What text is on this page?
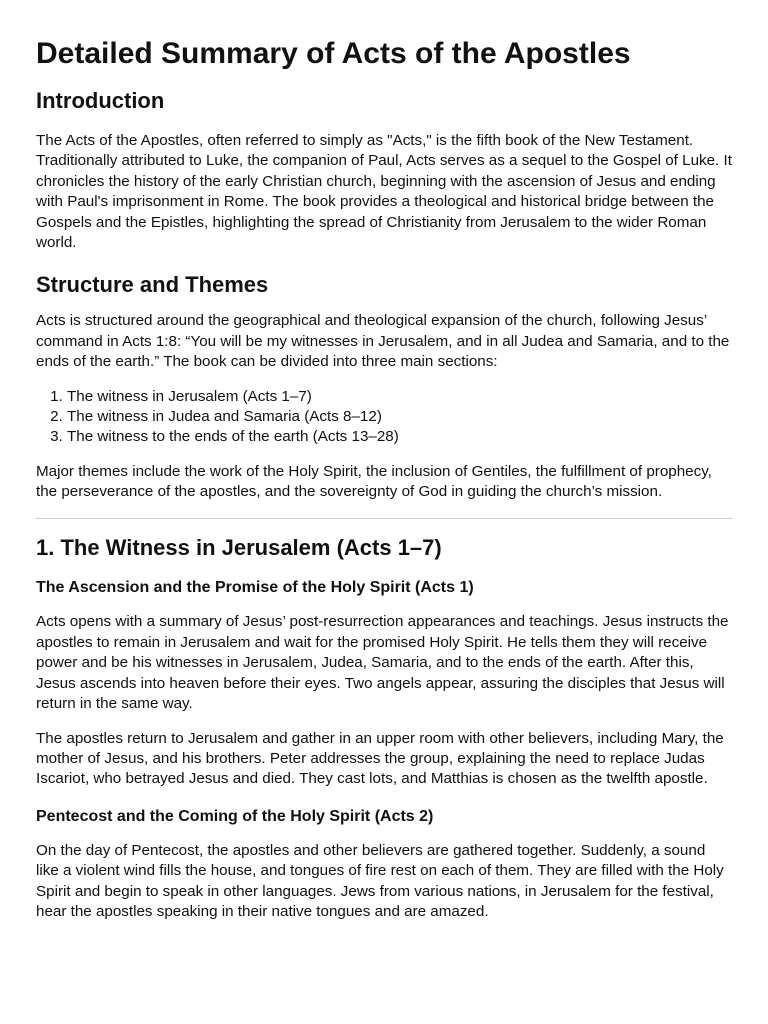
Detailed Summary of Acts of the Apostles
Introduction

The Acts of the Apostles, often referred to simply as "Acts," is the fifth book of the New Testament. Traditionally attributed to Luke, the companion of Paul, Acts serves as a sequel to the Gospel of Luke. It chronicles the history of the early Christian church, beginning with the ascension of Jesus and ending with Paul's imprisonment in Rome. The book provides a theological and historical bridge between the Gospels and the Epistles, highlighting the spread of Christianity from Jerusalem to the wider Roman world.

Structure and Themes

Acts is structured around the geographical and theological expansion of the church, following Jesus’ command in Acts 1:8: “You will be my witnesses in Jerusalem, and in all Judea and Samaria, and to the ends of the earth.” The book can be divided into three main sections:

1. The witness in Jerusalem (Acts 1–7)
2. The witness in Judea and Samaria (Acts 8–12)
3. The witness to the ends of the earth (Acts 13–28)

Major themes include the work of the Holy Spirit, the inclusion of Gentiles, the fulfillment of prophecy, the perseverance of the apostles, and the sovereignty of God in guiding the church’s mission.

1. The Witness in Jerusalem (Acts 1–7)
The Ascension and the Promise of the Holy Spirit (Acts 1)

Acts opens with a summary of Jesus’ post-resurrection appearances and teachings. Jesus instructs the apostles to remain in Jerusalem and wait for the promised Holy Spirit. He tells them they will receive power and be his witnesses in Jerusalem, Judea, Samaria, and to the ends of the earth. After this, Jesus ascends into heaven before their eyes. Two angels appear, assuring the disciples that Jesus will return in the same way.

The apostles return to Jerusalem and gather in an upper room with other believers, including Mary, the mother of Jesus, and his brothers. Peter addresses the group, explaining the need to replace Judas Iscariot, who betrayed Jesus and died. They cast lots, and Matthias is chosen as the twelfth apostle.

Pentecost and the Coming of the Holy Spirit (Acts 2)

On the day of Pentecost, the apostles and other believers are gathered together. Suddenly, a sound like a violent wind fills the house, and tongues of fire rest on each of them. They are filled with the Holy Spirit and begin to speak in other languages. Jews from various nations, in Jerusalem for the festival, hear the apostles speaking in their native tongues and are amazed.
